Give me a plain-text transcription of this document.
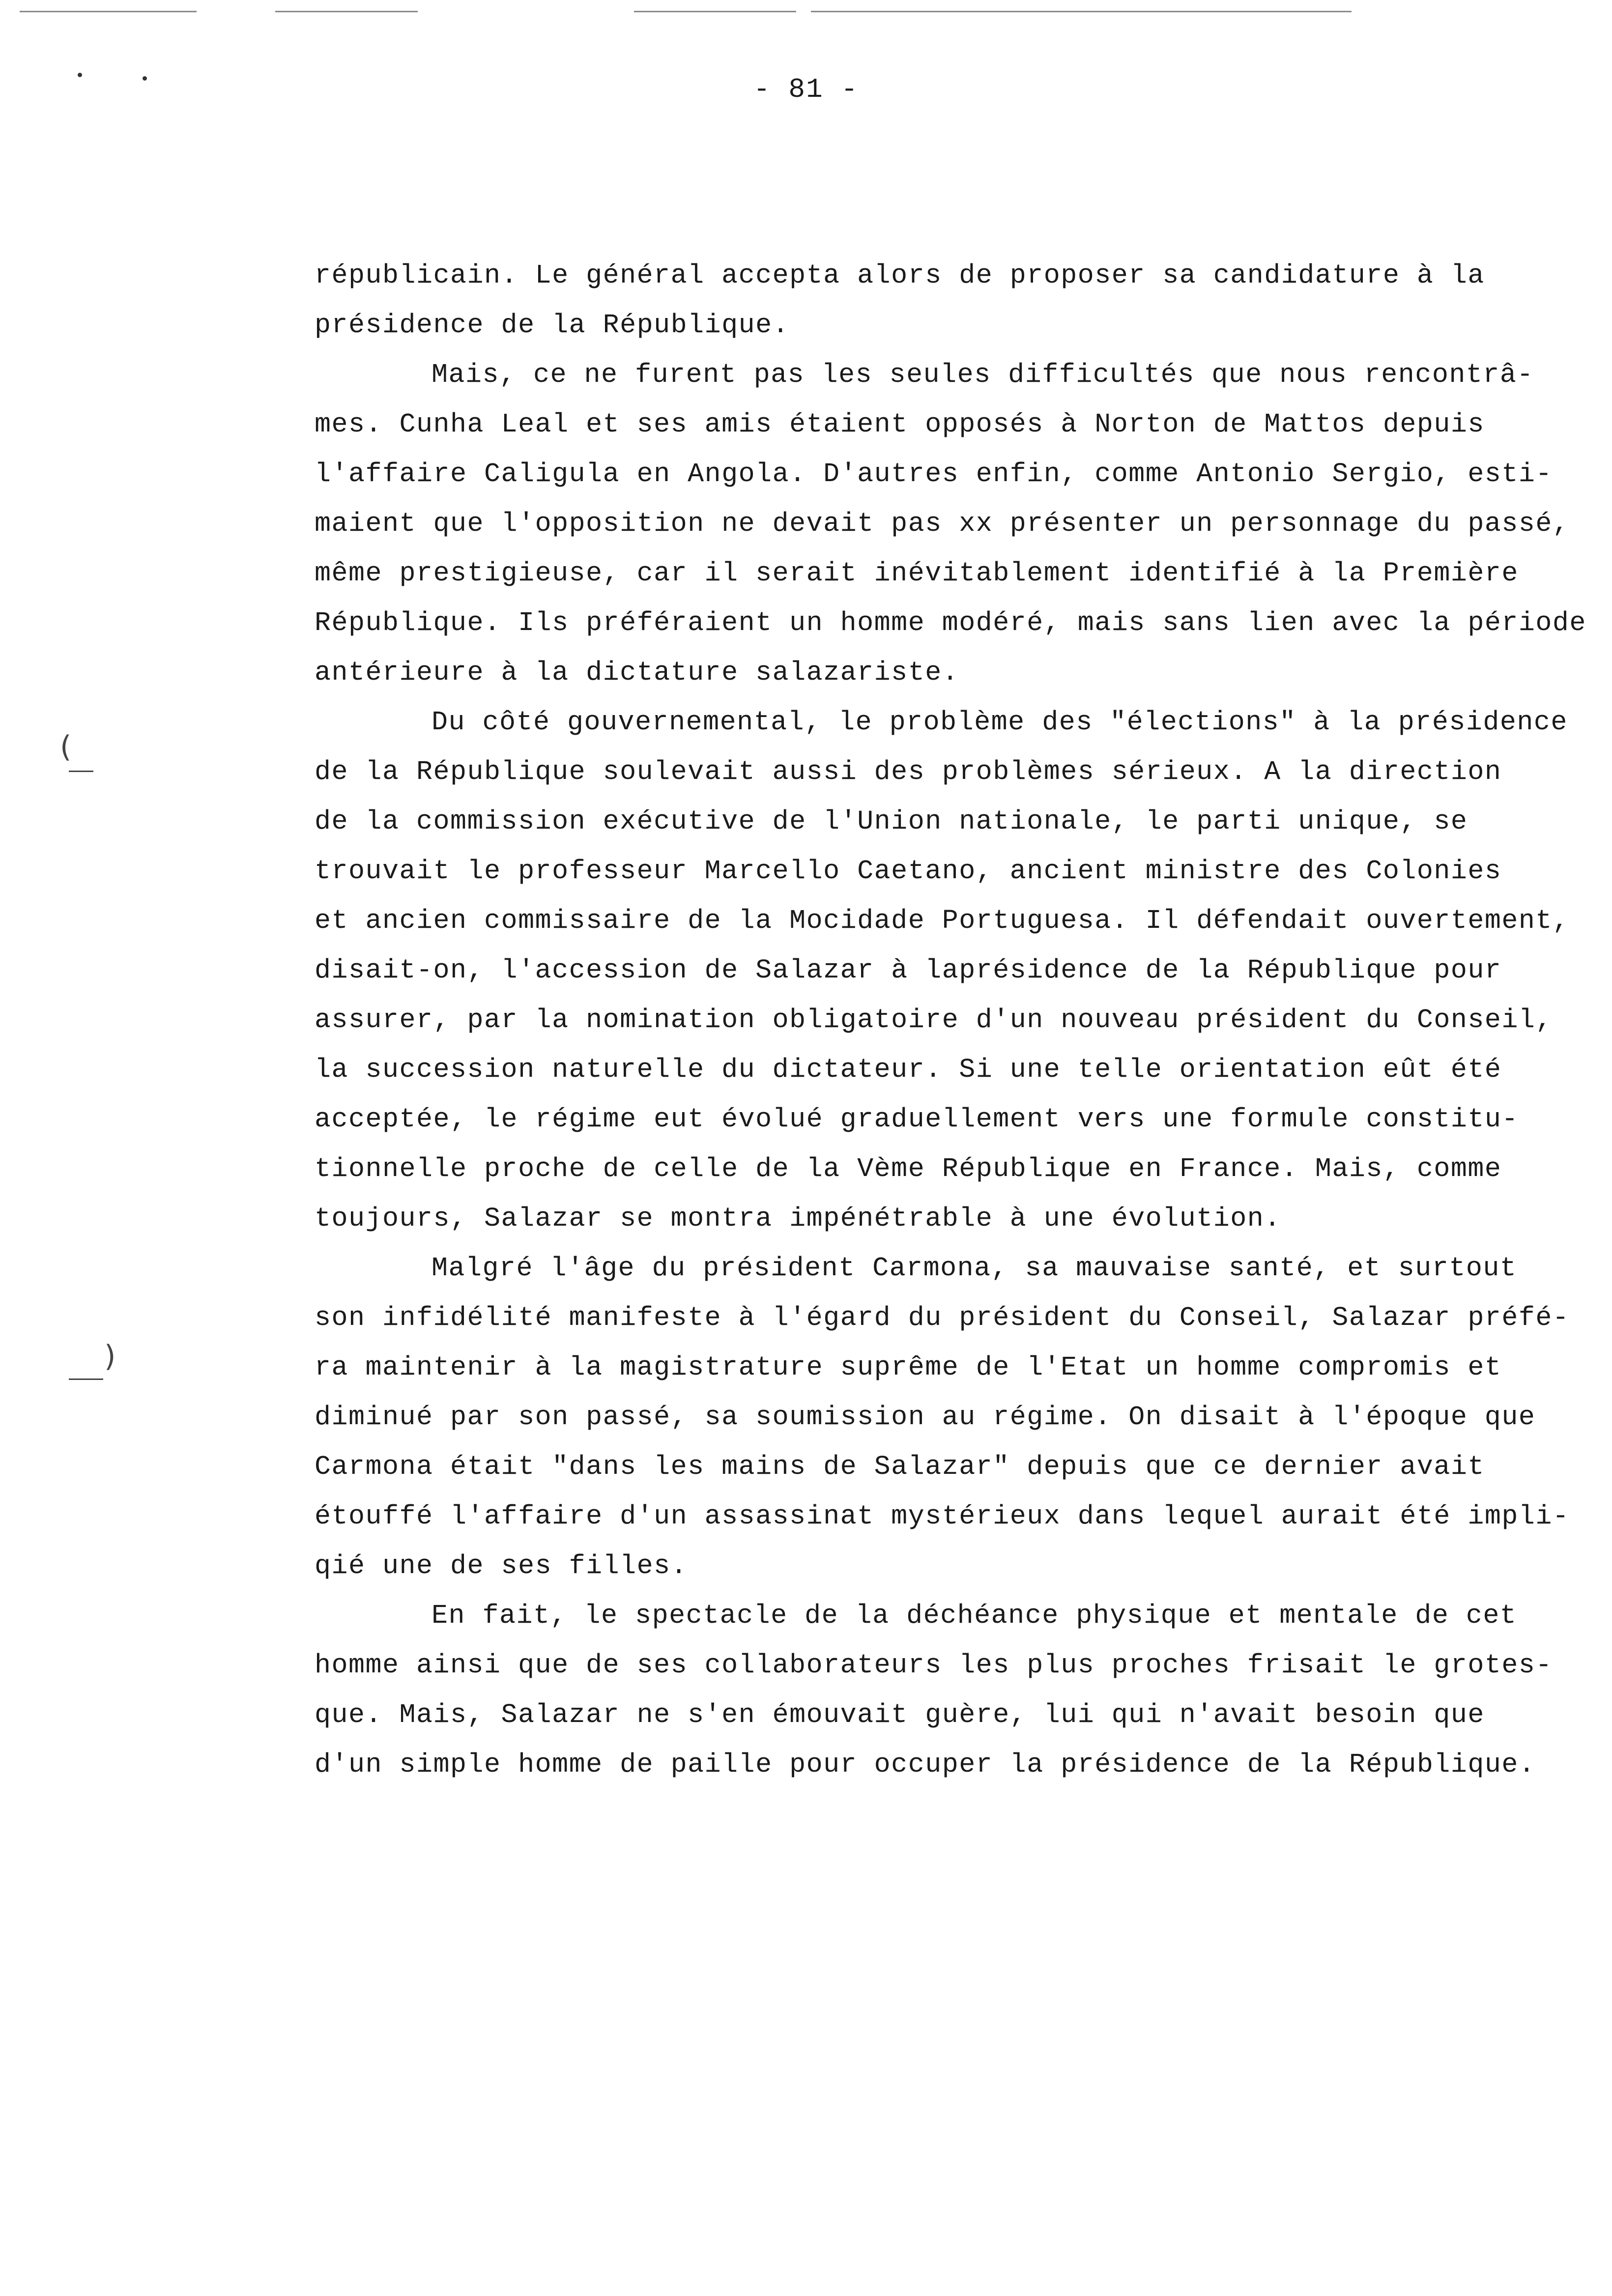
- 81 -
(
)

républicain. Le général accepta alors de proposer sa candidature à la

présidence de la République.

Mais, ce ne furent pas les seules difficultés que nous rencontrâ-

mes. Cunha Leal et ses amis étaient opposés à Norton de Mattos depuis

l'affaire Caligula en Angola. D'autres enfin, comme Antonio Sergio, esti-

maient que l'opposition ne devait pas xx présenter un personnage du passé,

même prestigieuse, car il serait inévitablement identifié à la Première

République. Ils préféraient un homme modéré, mais sans lien avec la période

antérieure à la dictature salazariste.

Du côté gouvernemental, le problème des "élections" à la présidence

de la République soulevait aussi des problèmes sérieux. A la direction

de la commission exécutive de l'Union nationale, le parti unique, se

trouvait le professeur Marcello Caetano, ancient ministre des Colonies

et ancien commissaire de la Mocidade Portuguesa. Il défendait ouvertement,

disait-on, l'accession de Salazar à laprésidence de la République pour

assurer, par la nomination obligatoire d'un nouveau président du Conseil,

la succession naturelle du dictateur. Si une telle orientation eût été

acceptée, le régime eut évolué graduellement vers une formule constitu-

tionnelle proche de celle de la Vème République en France. Mais, comme

toujours, Salazar se montra impénétrable à une évolution.

Malgré l'âge du président Carmona, sa mauvaise santé, et surtout

son infidélité manifeste à l'égard du président du Conseil, Salazar préfé-

ra maintenir à la magistrature suprême de l'Etat un homme compromis et

diminué par son passé, sa soumission au régime. On disait à l'époque que

Carmona était "dans les mains de Salazar" depuis que ce dernier avait

étouffé l'affaire d'un assassinat mystérieux dans lequel aurait été impli-

qié une de ses filles.

En fait, le spectacle de la déchéance physique et mentale de cet

homme ainsi que de ses collaborateurs les plus proches frisait le grotes-

que. Mais, Salazar ne s'en émouvait guère, lui qui n'avait besoin que

d'un simple homme de paille pour occuper la présidence de la République.
